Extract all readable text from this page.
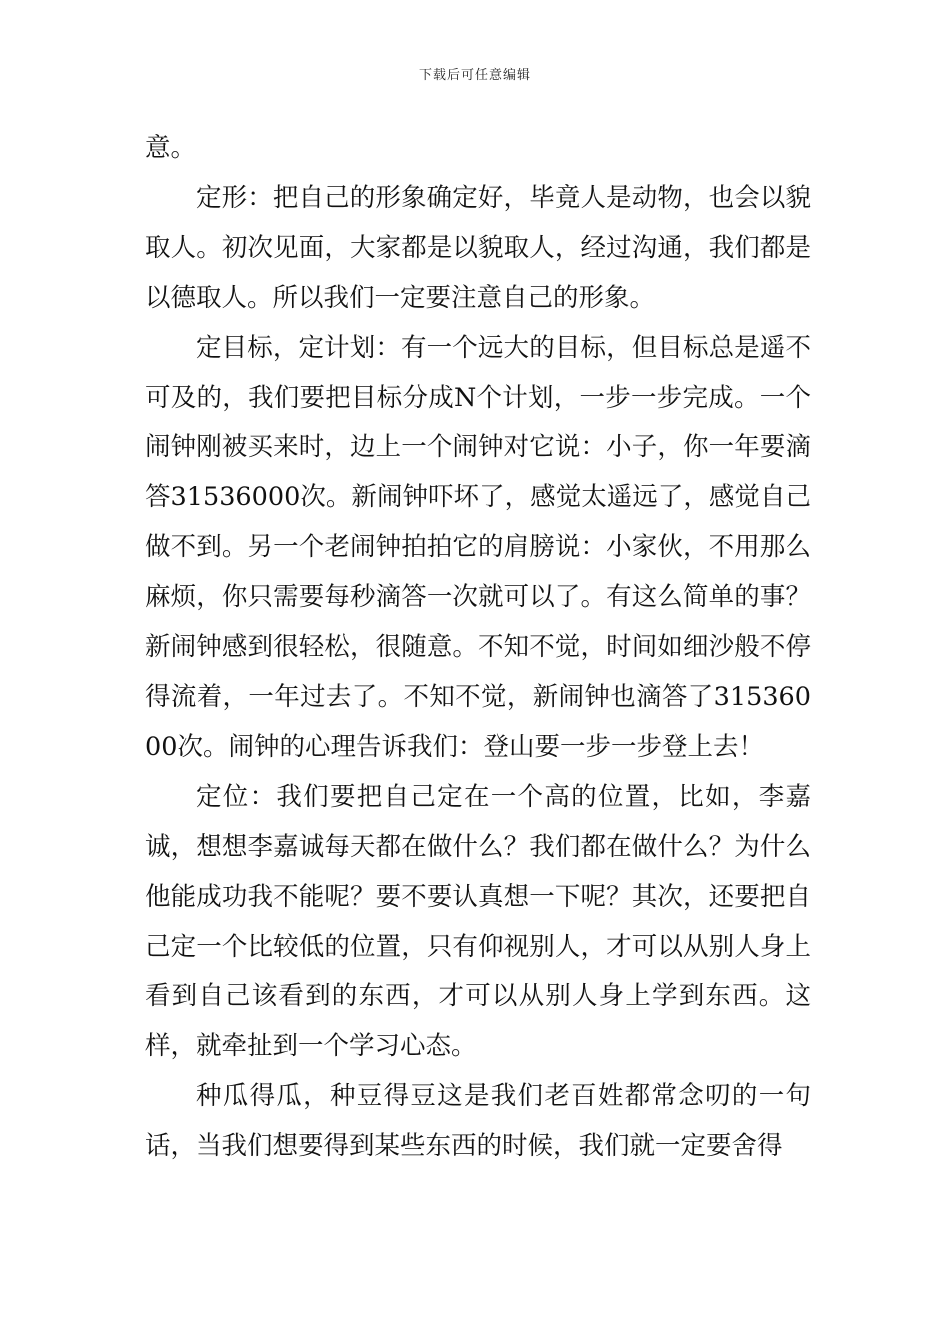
下载后可任意编辑

意。

定形：把自己的形象确定好，毕竟人是动物，也会以貌取人。初次见面，大家都是以貌取人，经过沟通，我们都是以德取人。所以我们一定要注意自己的形象。

定目标，定计划：有一个远大的目标，但目标总是遥不可及的，我们要把目标分成N个计划，一步一步完成。一个闹钟刚被买来时，边上一个闹钟对它说：小子，你一年要滴答31536000次。新闹钟吓坏了，感觉太遥远了，感觉自己做不到。另一个老闹钟拍拍它的肩膀说：小家伙，不用那么麻烦，你只需要每秒滴答一次就可以了。有这么简单的事？新闹钟感到很轻松，很随意。不知不觉，时间如细沙般不停得流着，一年过去了。不知不觉，新闹钟也滴答了31536000次。闹钟的心理告诉我们：登山要一步一步登上去！

定位：我们要把自己定在一个高的位置，比如，李嘉诚，想想李嘉诚每天都在做什么？我们都在做什么？为什么他能成功我不能呢？要不要认真想一下呢？其次，还要把自己定一个比较低的位置，只有仰视别人，才可以从别人身上看到自己该看到的东西，才可以从别人身上学到东西。这样，就牵扯到一个学习心态。

种瓜得瓜，种豆得豆这是我们老百姓都常念叨的一句话，当我们想要得到某些东西的时候，我们就一定要舍得
